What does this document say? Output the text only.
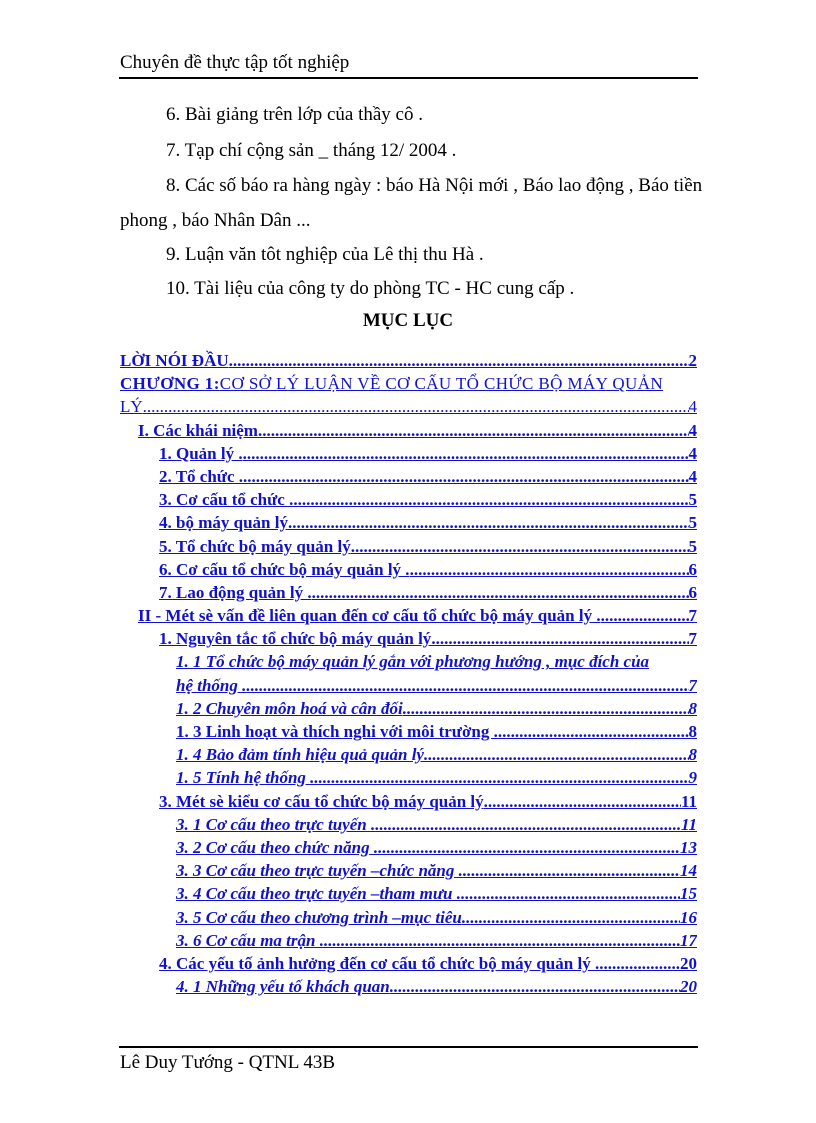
Chuyên đề thực tập tốt nghiệp
6. Bài giảng trên lớp của thầy cô .
7. Tạp chí cộng sản _ tháng 12/ 2004 .
8. Các số báo ra hàng ngày : báo Hà Nội mới , Báo lao động , Báo tiền
phong , báo Nhân Dân ...
9. Luận văn tôt nghiệp của Lê thị thu Hà .
10. Tài liệu của công ty do phòng TC - HC cung cấp .
MỤC LỤC
LỜI NÓI ĐẦU .....	2
CHƯƠNG 1:CƠ SỞ LÝ LUẬN VỀ CƠ CẤU TỔ CHỨC BỘ MÁY QUẢN
LÝ .....	4
I. Các khái niệm .....	4
1. Quản lý . .....	4
2. Tổ chức . .....	4
3. Cơ cấu tổ chức . .....	5
4. bộ máy quản lý .....	5
5. Tổ chức bộ máy quản lý .....	5
6. Cơ cấu tổ chức bộ máy quản lý . .....	6
7. Lao động quản lý . .....	6
II - Mét sè vấn đề liên quan đến cơ cấu tổ chức bộ máy quản lý . .....	7
1. Nguyên tắc tổ chức bộ máy quản lý .....	7
1. 1 Tổ chức bộ máy quản lý gắn với phương hướng , mục đích của
hệ thống . .....	7
1. 2 Chuyên môn hoá và cân đối .....	8
1. 3 Linh hoạt và thích nghi với môi trường . .....	8
1. 4 Bảo đảm tính hiệu quả quản lý. .....	8
1. 5 Tính hệ thống . .....	9
3. Mét sè kiểu cơ cấu tổ chức bộ máy quản lý .....	11
3. 1 Cơ cấu theo trực tuyến . .....	11
3. 2 Cơ cấu theo chức năng . .....	13
3. 3 Cơ cấu theo trực tuyến –chức năng . .....	14
3. 4 Cơ cấu theo trực tuyến –tham mưu . .....	15
3. 5 Cơ cấu theo chương trình –mục tiêu .....	16
3. 6 Cơ cấu ma trận . .....	17
4. Các yếu tố ảnh hưởng đến cơ cấu tổ chức bộ máy quản lý . .....	20
4. 1 Những yếu tố khách quan .....	20
Lê Duy Tướng - QTNL 43B
